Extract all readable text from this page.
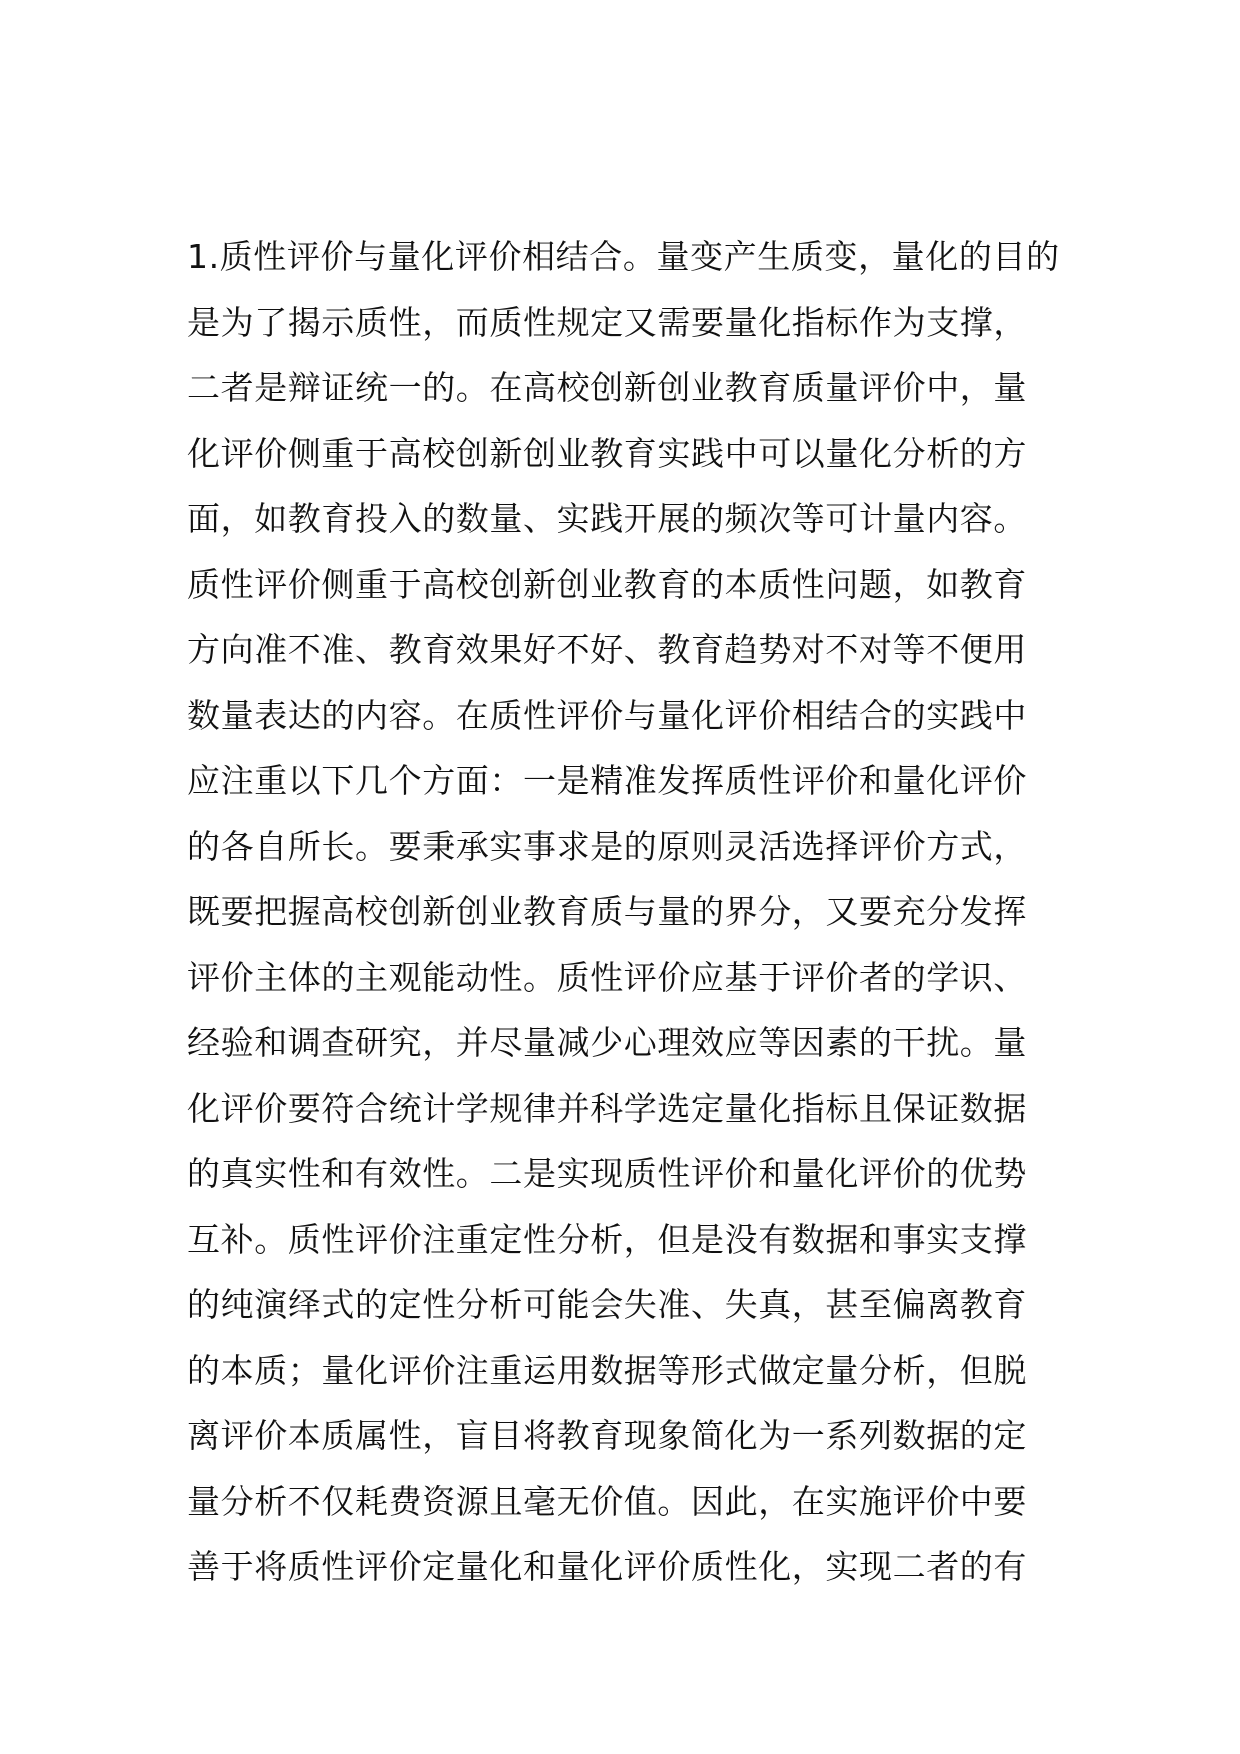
1.质性评价与量化评价相结合。量变产生质变，量化的目的
是为了揭示质性，而质性规定又需要量化指标作为支撑，
二者是辩证统一的。在高校创新创业教育质量评价中，量
化评价侧重于高校创新创业教育实践中可以量化分析的方
面，如教育投入的数量、实践开展的频次等可计量内容。
质性评价侧重于高校创新创业教育的本质性问题，如教育
方向准不准、教育效果好不好、教育趋势对不对等不便用
数量表达的内容。在质性评价与量化评价相结合的实践中
应注重以下几个方面：一是精准发挥质性评价和量化评价
的各自所长。要秉承实事求是的原则灵活选择评价方式，
既要把握高校创新创业教育质与量的界分，又要充分发挥
评价主体的主观能动性。质性评价应基于评价者的学识、
经验和调查研究，并尽量减少心理效应等因素的干扰。量
化评价要符合统计学规律并科学选定量化指标且保证数据
的真实性和有效性。二是实现质性评价和量化评价的优势
互补。质性评价注重定性分析，但是没有数据和事实支撑
的纯演绎式的定性分析可能会失准、失真，甚至偏离教育
的本质；量化评价注重运用数据等形式做定量分析，但脱
离评价本质属性，盲目将教育现象简化为一系列数据的定
量分析不仅耗费资源且毫无价值。因此，在实施评价中要
善于将质性评价定量化和量化评价质性化，实现二者的有
